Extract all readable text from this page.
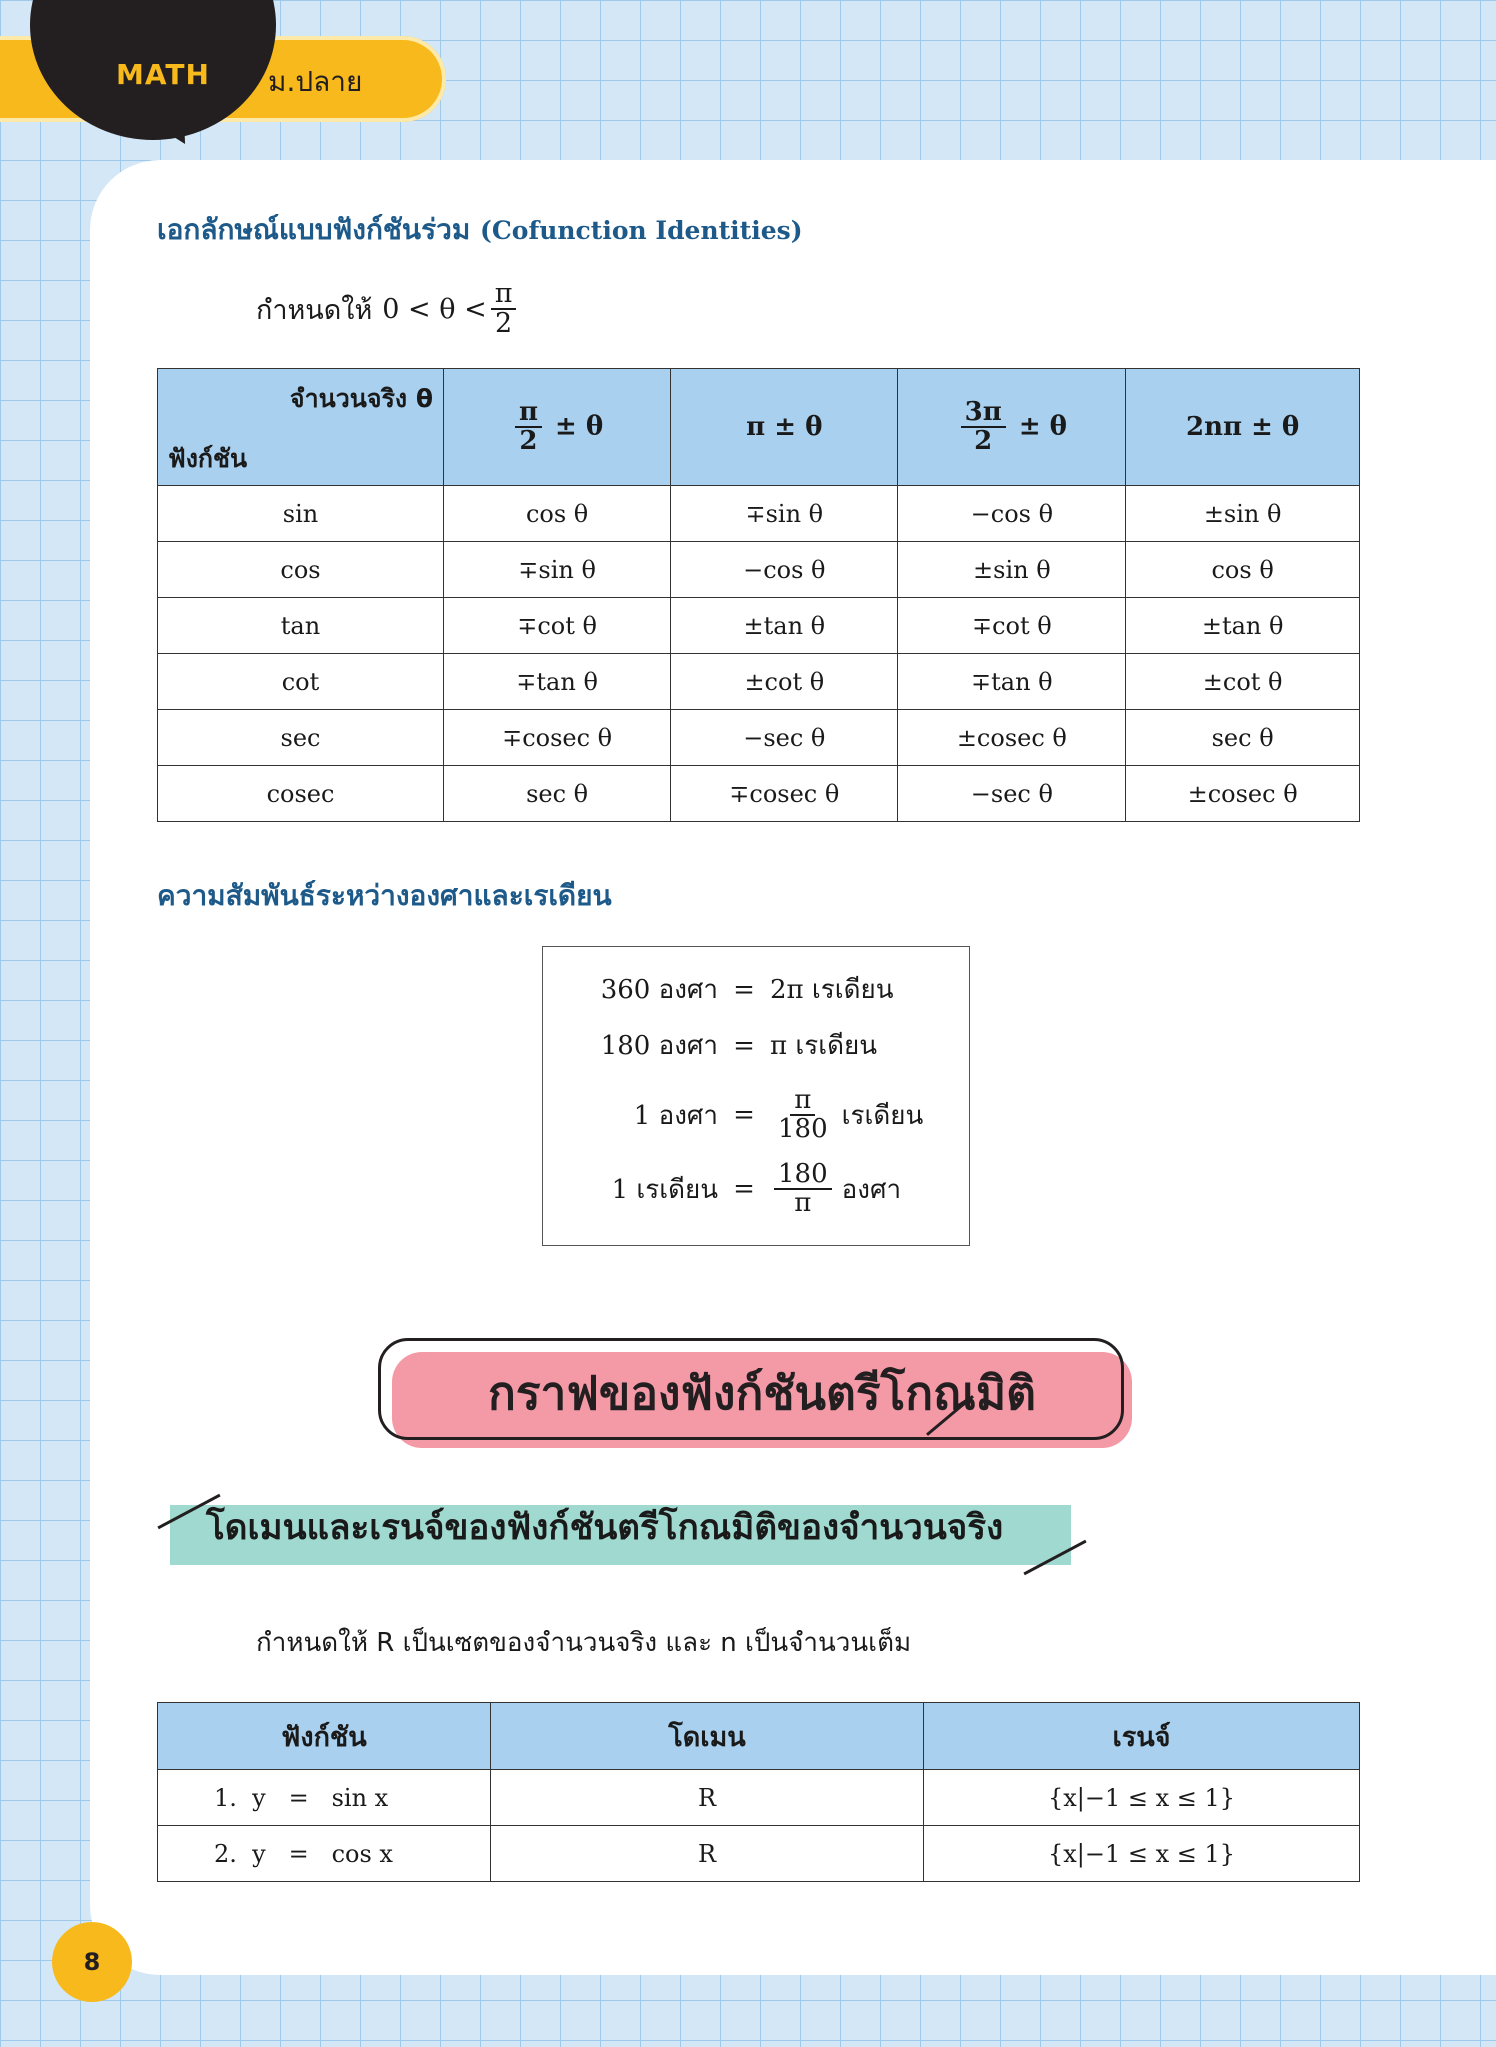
MATH ม.ปลาย
เอกลักษณ์แบบฟังก์ชันร่วม (Cofunction Identities)
กำหนดให้ $0 < \theta < \frac{\pi}{2}$
จำนวนจริง θ
ฟังก์ชัน	$\frac{\pi}{2} \pm \theta$	π ± θ	$\frac{3\pi}{2} \pm \theta$	2nπ ± θ
sin	cos θ	∓sin θ	−cos θ	±sin θ
cos	∓sin θ	−cos θ	±sin θ	cos θ
tan	∓cot θ	±tan θ	∓cot θ	±tan θ
cot	∓tan θ	±cot θ	∓tan θ	±cot θ
sec	∓cosec θ	−sec θ	±cosec θ	sec θ
cosec	sec θ	∓cosec θ	−sec θ	±cosec θ
ความสัมพันธ์ระหว่างองศาและเรเดียน
360 องศา = 2π เรเดียน
180 องศา = π เรเดียน
1 องศา = $\frac{\pi}{180}$ เรเดียน
1 เรเดียน = $\frac{180}{\pi}$ องศา
กราฟของฟังก์ชันตรีโกณมิติ
โดเมนและเรนจ์ของฟังก์ชันตรีโกณมิติของจำนวนจริง
กำหนดให้ R เป็นเซตของจำนวนจริง และ n เป็นจำนวนเต็ม
ฟังก์ชัน	โดเมน	เรนจ์
1.  y   =   sin x	R	{x|−1 ≤ x ≤ 1}
2.  y   =   cos x	R	{x|−1 ≤ x ≤ 1}
8
